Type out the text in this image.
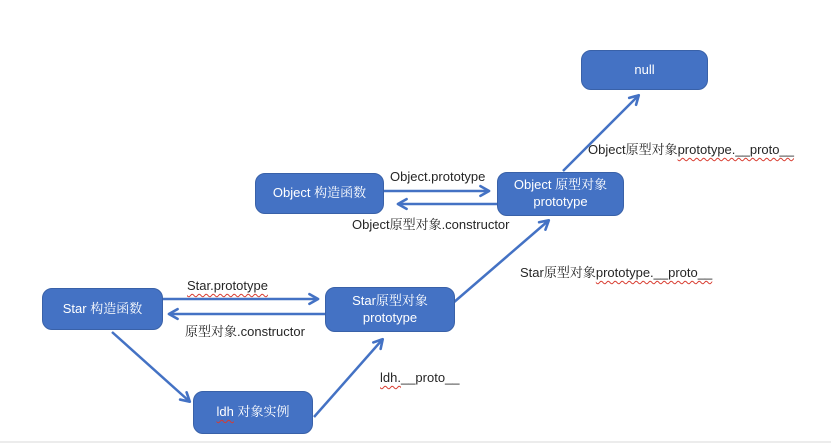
null
Object 构造函数
Object 原型对象
prototype
Star 构造函数
Star原型对象
prototype
ldh 对象实例
Object.prototype
Object原型对象.constructor
Object原型对象prototype.__proto__
Star.prototype
原型对象.constructor
Star原型对象prototype.__proto__
ldh.__proto__
